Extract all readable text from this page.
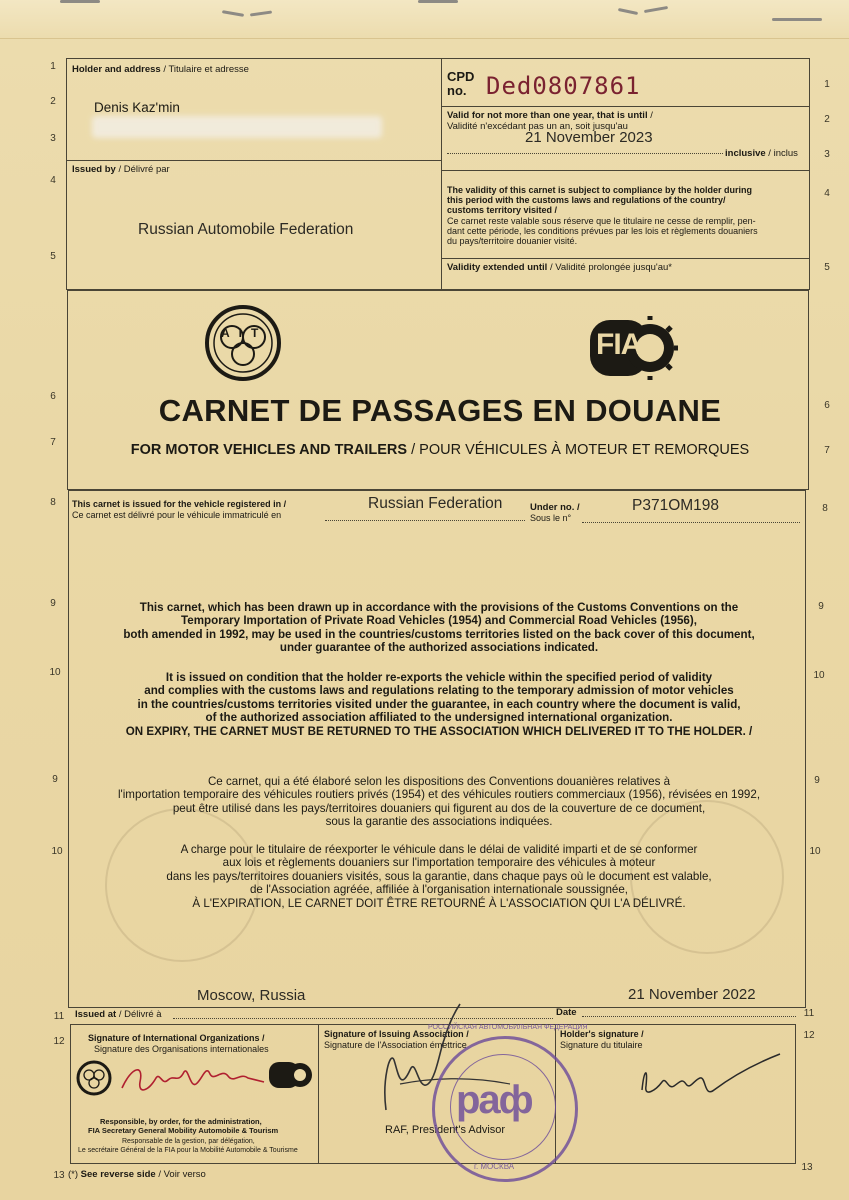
1
2
3
4
5
6
7
8
9
10
9
10
11
12
13
1
2
3
4
5
6
7
8
9
10
9
10
11
12
13
Holder and address / Titulaire et adresse
Denis Kaz'min
CPD
no. Ded0807861
Valid for not more than one year, that is until /
Validité n'excédant pas un an, soit jusqu'au
21 November 2023
inclusive / inclus
Issued by / Délivré par
Russian Automobile Federation
The validity of this carnet is subject to compliance by the holder during
this period with the customs laws and regulations of the country/
customs territory visited /
Ce carnet reste valable sous réserve que le titulaire ne cesse de remplir, pen-
dant cette période, les conditions prévues par les lois et règlements douaniers
du pays/territoire douanier visité.
Validity extended until / Validité prolongée jusqu'au*
AIT	FIA
CARNET DE PASSAGES EN DOUANE
FOR MOTOR VEHICLES AND TRAILERS / POUR VÉHICULES À MOTEUR ET REMORQUES
This carnet is issued for the vehicle registered in /
Ce carnet est délivré pour le véhicule immatriculé en
Russian Federation	Under no. /
Sous le n°
P371OM198
This carnet, which has been drawn up in accordance with the provisions of the Customs Conventions on the
Temporary Importation of Private Road Vehicles (1954) and Commercial Road Vehicles (1956),
both amended in 1992, may be used in the countries/customs territories listed on the back cover of this document,
under guarantee of the authorized associations indicated.
It is issued on condition that the holder re-exports the vehicle within the specified period of validity
and complies with the customs laws and regulations relating to the temporary admission of motor vehicles
in the countries/customs territories visited under the guarantee, in each country where the document is valid,
of the authorized association affiliated to the undersigned international organization.
ON EXPIRY, THE CARNET MUST BE RETURNED TO THE ASSOCIATION WHICH DELIVERED IT TO THE HOLDER. /
Ce carnet, qui a été élaboré selon les dispositions des Conventions douanières relatives à
l'importation temporaire des véhicules routiers privés (1954) et des véhicules routiers commerciaux (1956), révisées en 1992,
peut être utilisé dans les pays/territoires douaniers qui figurent au dos de la couverture de ce document,
sous la garantie des associations indiquées.
A charge pour le titulaire de réexporter le véhicule dans le délai de validité imparti et de se conformer
aux lois et règlements douaniers sur l'importation temporaire des véhicules à moteur
dans les pays/territoires douaniers visités, sous la garantie, dans chaque pays où le document est valable,
de l'Association agréée, affiliée à l'organisation internationale soussignée,
À L'EXPIRATION, LE CARNET DOIT ÊTRE RETOURNÉ À L'ASSOCIATION QUI L'A DÉLIVRÉ.
Moscow, Russia	21 November 2022
Issued at / Délivré à	Date
Signature of International Organizations /
Signature des Organisations internationales
Signature of Issuing Association /
Signature de l'Association émettrice
Holder's signature /
Signature du titulaire
Responsible, by order, for the administration,
FIA Secretary General Mobility Automobile & Tourism
Responsable de la gestion, par délégation,
Le secrétaire Général de la FIA pour la Mobilité Automobile & Tourisme
RAF, President's Advisor
раф
г. МОСКВА
РОССИЙСКАЯ АВТОМОБИЛЬНАЯ ФЕДЕРАЦИЯ
(*) See reverse side / Voir verso
